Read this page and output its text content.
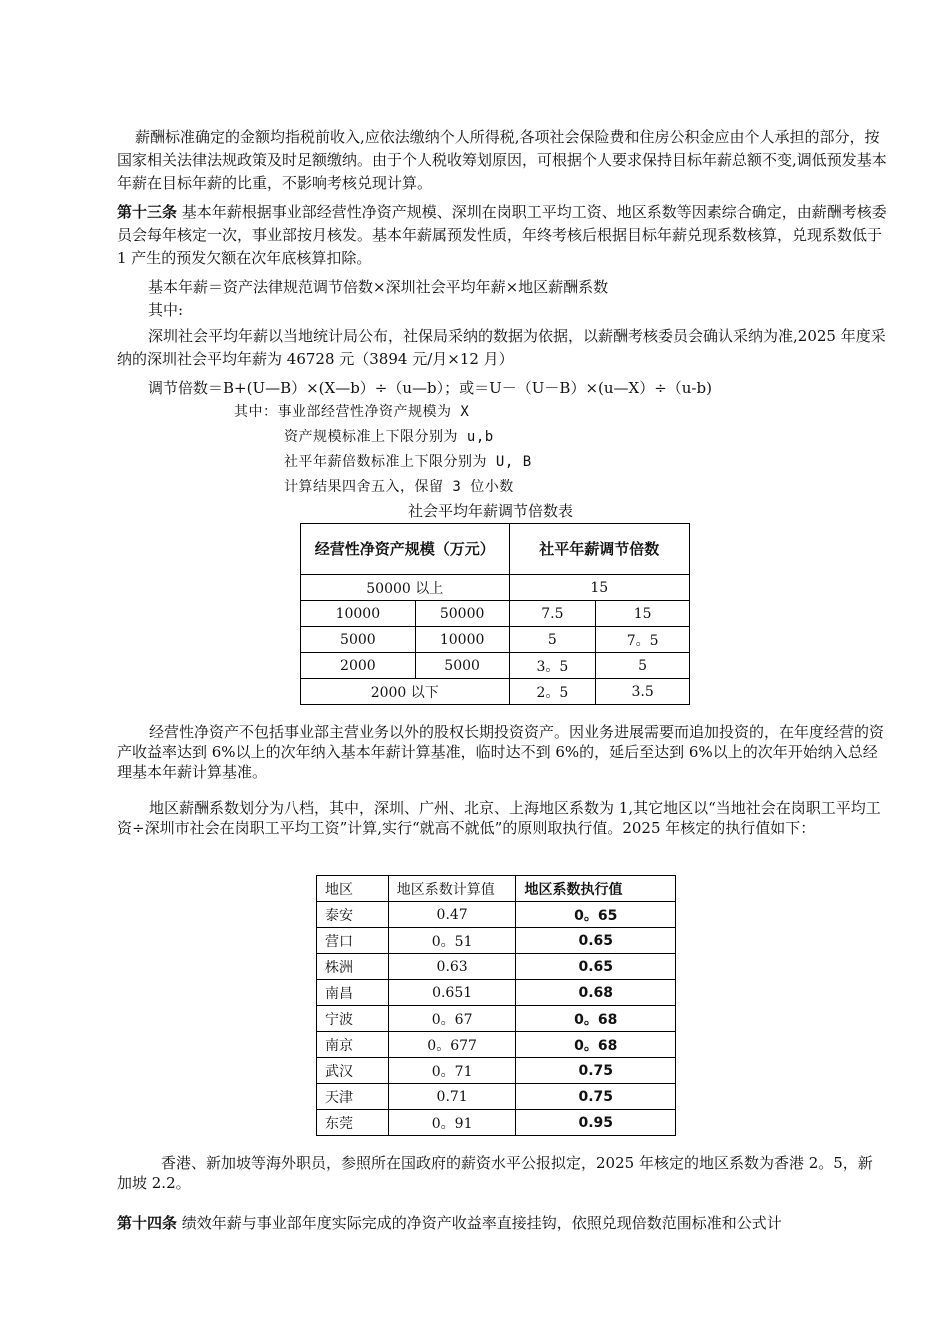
薪酬标准确定的金额均指税前收入,应依法缴纳个人所得税,各项社会保险费和住房公积金应由个人承担的部分，按国家相关法律法规政策及时足额缴纳。由于个人税收筹划原因，可根据个人要求保持目标年薪总额不变,调低预发基本年薪在目标年薪的比重，不影响考核兑现计算。

第十三条 基本年薪根据事业部经营性净资产规模、深圳在岗职工平均工资、地区系数等因素综合确定，由薪酬考核委员会每年核定一次，事业部按月核发。基本年薪属预发性质，年终考核后根据目标年薪兑现系数核算，兑现系数低于 1 产生的预发欠额在次年底核算扣除。

基本年薪＝资产法律规范调节倍数×深圳社会平均年薪×地区薪酬系数
其中:

深圳社会平均年薪以当地统计局公布，社保局采纳的数据为依据，以薪酬考核委员会确认采纳为准,2025 年度采纳的深圳社会平均年薪为 46728 元（3894 元/月×12 月）

调节倍数＝B+(U—B）×(X—b）÷（u—b）；或＝U－（U－B）×(u—X）÷（u-b)
其中：事业部经营性净资产规模为 X
资产规模标准上下限分别为 u,b
社平年薪倍数标准上下限分别为 U, B
计算结果四舍五入，保留 3 位小数
社会平均年薪调节倍数表
经营性净资产规模（万元）		社平年薪调节倍数	
50000 以上		15	
10000	50000	7.5	15
5000	10000	5	7。5
2000	5000	3。5	5
2000 以下		2。5	3.5

经营性净资产不包括事业部主营业务以外的股权长期投资资产。因业务进展需要而追加投资的，在年度经营的资产收益率达到 6%以上的次年纳入基本年薪计算基准，临时达不到 6%的，延后至达到 6%以上的次年开始纳入总经理基本年薪计算基准。

地区薪酬系数划分为八档，其中，深圳、广州、北京、上海地区系数为 1,其它地区以“当地社会在岗职工平均工资÷深圳市社会在岗职工平均工资”计算,实行“就高不就低”的原则取执行值。2025 年核定的执行值如下：

地区	地区系数计算值	地区系数执行值
泰安	0.47	0。65
营口	0。51	0.65
株洲	0.63	0.65
南昌	0.651	0.68
宁波	0。67	0。68
南京	0。677	0。68
武汉	0。71	0.75
天津	0.71	0.75
东莞	0。91	0.95

香港、新加坡等海外职员，参照所在国政府的薪资水平公报拟定，2025 年核定的地区系数为香港 2。5，新加坡 2.2。

第十四条 绩效年薪与事业部年度实际完成的净资产收益率直接挂钩，依照兑现倍数范围标准和公式计
